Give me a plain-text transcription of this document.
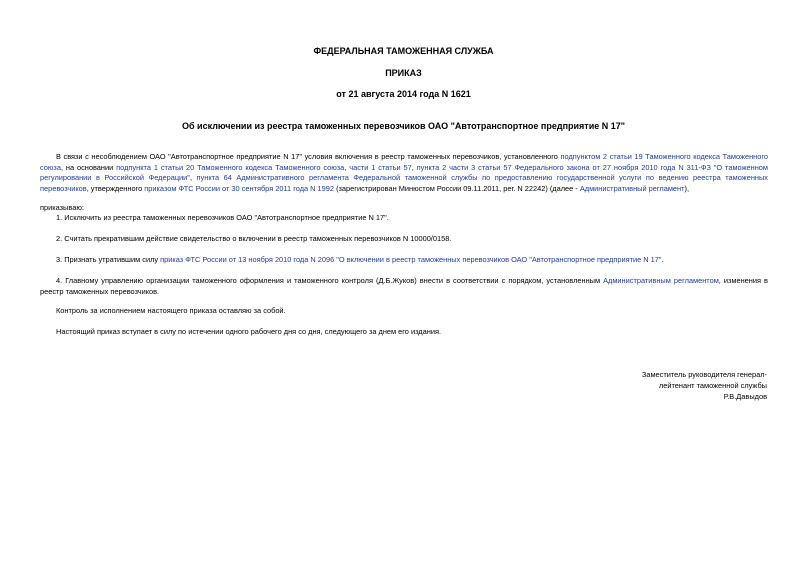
ФЕДЕРАЛЬНАЯ ТАМОЖЕННАЯ СЛУЖБА
ПРИКАЗ
от 21 августа 2014 года N 1621
Об исключении из реестра таможенных перевозчиков ОАО "Автотранспортное предприятие N 17"

В связи с несоблюдением ОАО "Автотранспортное предприятие N 17" условия включения в реестр таможенных перевозчиков, установленного подпунктом 2 статьи 19 Таможенного кодекса Таможенного союза, на основании подпункта 1 статьи 20 Таможенного кодекса Таможенного союза, части 1 статьи 57, пункта 2 части 3 статьи 57 Федерального закона от 27 ноября 2010 года N 311-ФЗ "О таможенном регулировании в Российской Федерации", пункта 64 Административного регламента Федеральной таможенной службы по предоставлению государственной услуги по ведению реестра таможенных перевозчиков, утвержденного приказом ФТС России от 30 сентября 2011 года N 1992 (зарегистрирован Минюстом России 09.11.2011, рег. N 22242) (далее - Административный регламент),

приказываю:

1. Исключить из реестра таможенных перевозчиков ОАО "Автотранспортное предприятие N 17".

2. Считать прекратившим действие свидетельство о включении в реестр таможенных перевозчиков N 10000/0158.

3. Признать утратившим силу приказ ФТС России от 13 ноября 2010 года N 2096 "О включении в реестр таможенных перевозчиков ОАО "Автотранспортное предприятие N 17".

4. Главному управлению организации таможенного оформления и таможенного контроля (Д.Б.Жуков) внести в соответствии с порядком, установленным Административным регламентом, изменения в реестр таможенных перевозчиков.

Контроль за исполнением настоящего приказа оставляю за собой.

Настоящий приказ вступает в силу по истечении одного рабочего дня со дня, следующего за днем его издания.

Заместитель руководителя генерал-
лейтенант таможенной службы
Р.В.Давыдов
